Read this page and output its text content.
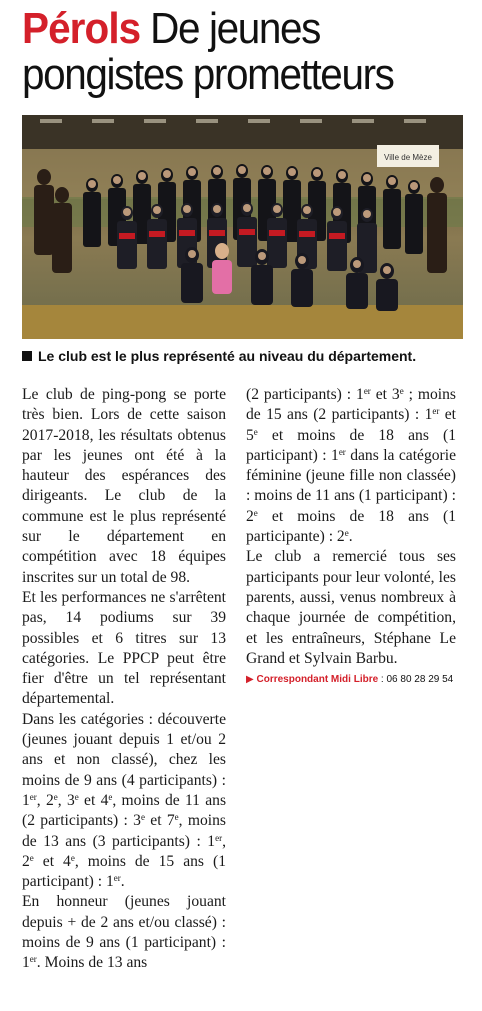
Pérols De jeunes pongistes prometteurs
Ville de Mèze
Le club est le plus représenté au niveau du département.

Le club de ping-pong se porte très bien. Lors de cette saison 2017-2018, les résultats obtenus par les jeunes ont été à la hauteur des espérances des dirigeants. Le club de la commune est le plus représenté sur le département en compétition avec 18 équipes inscrites sur un total de 98.

Et les performances ne s'arrêtent pas, 14 podiums sur 39 possibles et 6 titres sur 13 catégories. Le PPCP peut être fier d'être un tel représentant départemental.

Dans les catégories : découverte (jeunes jouant depuis 1 et/ou 2 ans et non classé), chez les moins de 9 ans (4 participants) : 1er, 2e, 3e et 4e, moins de 11 ans (2 participants) : 3e et 7e, moins de 13 ans (3 participants) : 1er, 2e et 4e, moins de 15 ans (1 participant) : 1er.

En honneur (jeunes jouant depuis + de 2 ans et/ou classé) : moins de 9 ans (1 participant) : 1er. Moins de 13 ans

(2 participants) : 1er et 3e ; moins de 15 ans (2 participants) : 1er et 5e et moins de 18 ans (1 participant) : 1er dans la catégorie féminine (jeune fille non classée) : moins de 11 ans (1 participant) : 2e et moins de 18 ans (1 participante) : 2e.

Le club a remercié tous ses participants pour leur volonté, les parents, aussi, venus nombreux à chaque journée de compétition, et les entraîneurs, Stéphane Le Grand et Sylvain Barbu.

▶ Correspondant Midi Libre : 06 80 28 29 54
